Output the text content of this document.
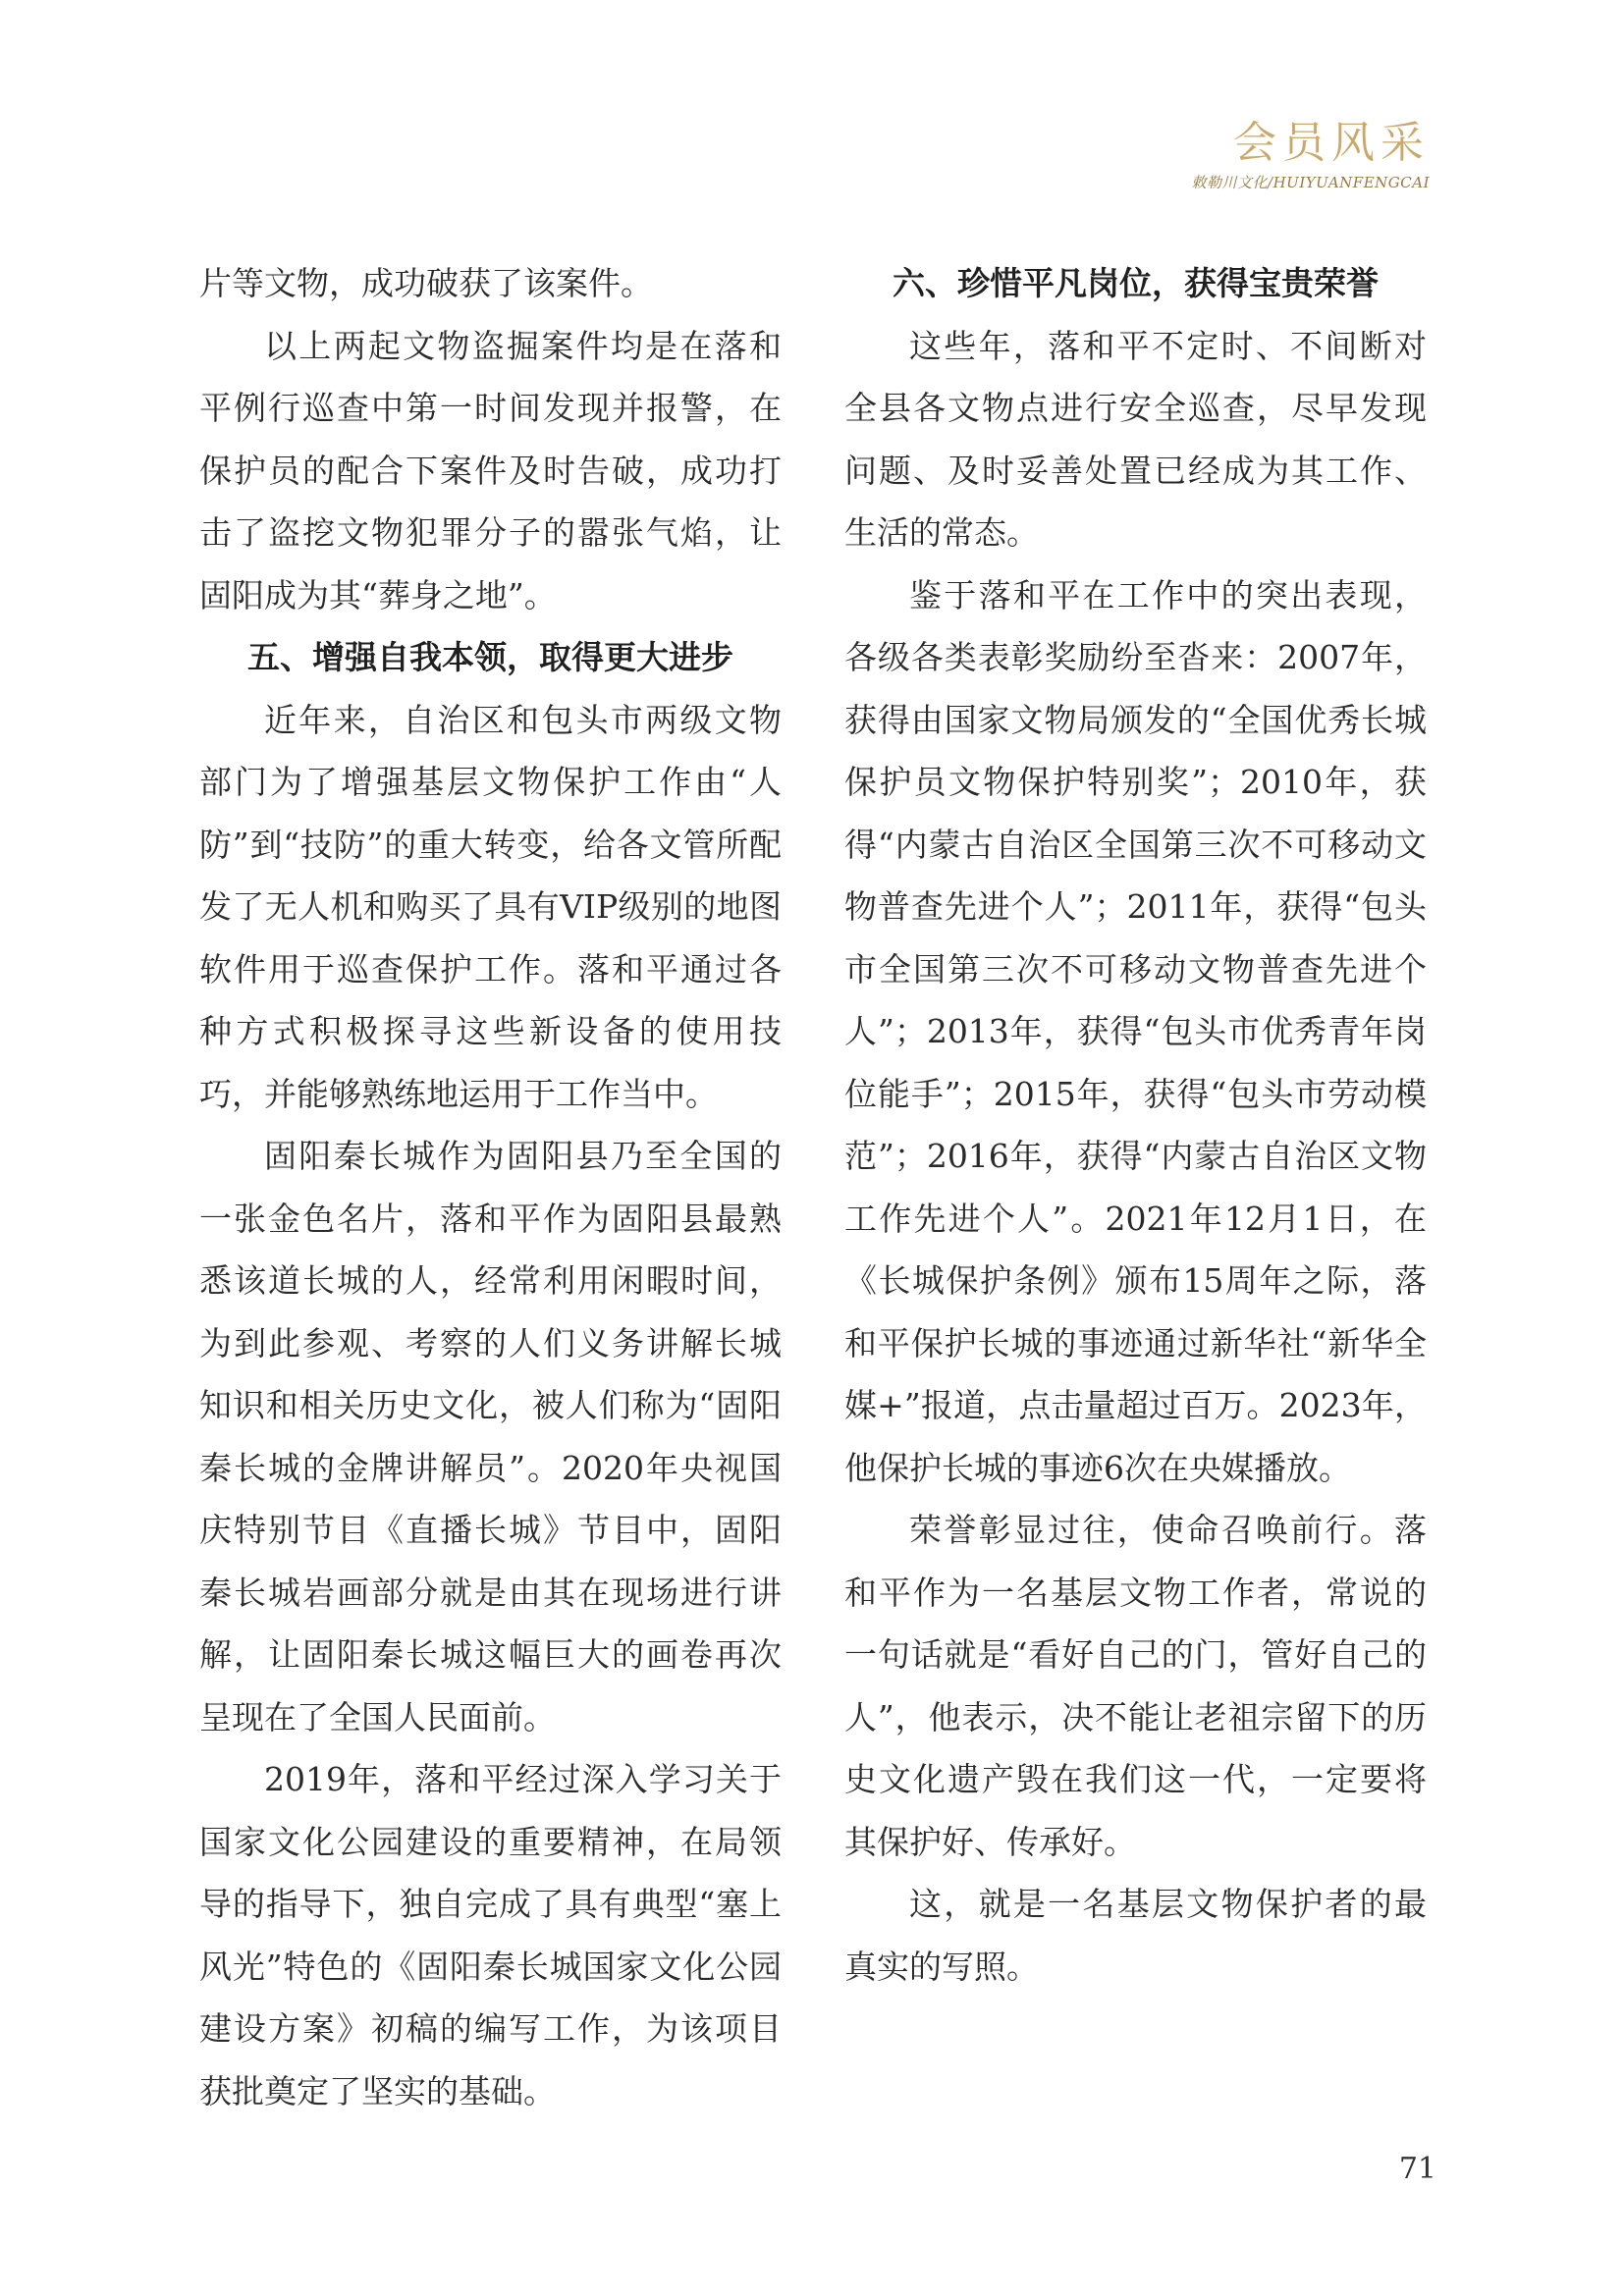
会员风采
敕勒川文化/HUIYUANFENGCAI

片等文物，成功破获了该案件。

以上两起文物盗掘案件均是在落和平例行巡查中第一时间发现并报警，在保护员的配合下案件及时告破，成功打击了盗挖文物犯罪分子的嚣张气焰，让固阳成为其“葬身之地”。

五、增强自我本领，取得更大进步

近年来，自治区和包头市两级文物部门为了增强基层文物保护工作由“人防”到“技防”的重大转变，给各文管所配发了无人机和购买了具有VIP级别的地图软件用于巡查保护工作。落和平通过各种方式积极探寻这些新设备的使用技巧，并能够熟练地运用于工作当中。

固阳秦长城作为固阳县乃至全国的一张金色名片，落和平作为固阳县最熟悉该道长城的人，经常利用闲暇时间，为到此参观、考察的人们义务讲解长城知识和相关历史文化，被人们称为“固阳秦长城的金牌讲解员”。2020年央视国庆特别节目《直播长城》节目中，固阳秦长城岩画部分就是由其在现场进行讲解，让固阳秦长城这幅巨大的画卷再次呈现在了全国人民面前。

2019年，落和平经过深入学习关于国家文化公园建设的重要精神，在局领导的指导下，独自完成了具有典型“塞上风光”特色的《固阳秦长城国家文化公园建设方案》初稿的编写工作，为该项目获批奠定了坚实的基础。

六、珍惜平凡岗位，获得宝贵荣誉

这些年，落和平不定时、不间断对全县各文物点进行安全巡查，尽早发现问题、及时妥善处置已经成为其工作、生活的常态。

鉴于落和平在工作中的突出表现，各级各类表彰奖励纷至沓来：2007年，获得由国家文物局颁发的“全国优秀长城保护员文物保护特别奖”；2010年，获得“内蒙古自治区全国第三次不可移动文物普查先进个人”；2011年，获得“包头市全国第三次不可移动文物普查先进个人”；2013年，获得“包头市优秀青年岗位能手”；2015年，获得“包头市劳动模范”；2016年，获得“内蒙古自治区文物工作先进个人”。2021年12月1日，在《长城保护条例》颁布15周年之际，落和平保护长城的事迹通过新华社“新华全媒+”报道，点击量超过百万。2023年，他保护长城的事迹6次在央媒播放。

荣誉彰显过往，使命召唤前行。落和平作为一名基层文物工作者，常说的一句话就是“看好自己的门，管好自己的人”，他表示，决不能让老祖宗留下的历史文化遗产毁在我们这一代，一定要将其保护好、传承好。

这，就是一名基层文物保护者的最真实的写照。

71
